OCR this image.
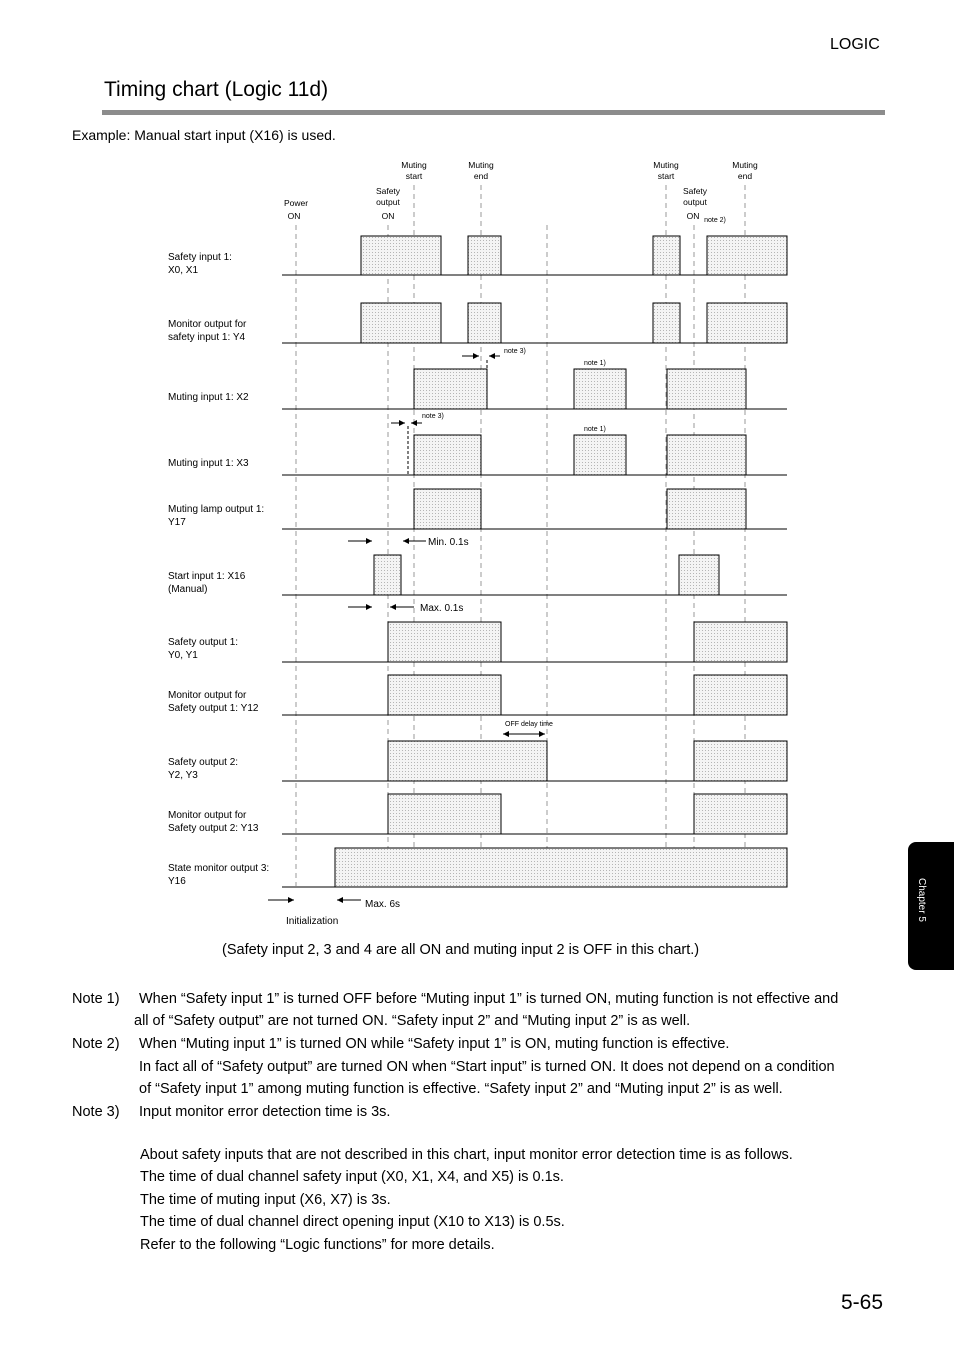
LOGIC
Timing chart (Logic 11d)
Example: Manual start input (X16) is used.
Power
ON
Safety
output
ON
Muting
start
Muting
end
Muting
start
Safety
output
ON
Muting
end
note 2)
Safety input 1:
X0, X1
Monitor output for
safety input 1: Y4
Muting input 1: X2
Muting input 1: X3
Muting lamp output 1:
Y17
Start input 1: X16
(Manual)
Safety output 1:
Y0, Y1
Monitor output for
Safety output 1: Y12
Safety output 2:
Y2, Y3
Monitor output for
Safety output 2: Y13
State monitor output 3:
Y16
note 3)
note 1)
note 3)
note 1)
Min. 0.1s
Max. 0.1s
OFF delay time
Max. 6s
Initialization
(Safety input 2, 3 and 4 are all ON and muting input 2 is OFF in this chart.)
Note 1)	When “Safety input 1” is turned OFF before “Muting input 1” is turned ON, muting function is not effective and
all of “Safety output” are not turned ON. “Safety input 2” and “Muting input 2” is as well.
Note 2)	When “Muting input 1” is turned ON while “Safety input 1” is ON, muting function is effective.
In fact all of “Safety output” are turned ON when “Start input” is turned ON. It does not depend on a condition
of “Safety input 1” among muting function is effective. “Safety input 2” and “Muting input 2” is as well.
Note 3)	Input monitor error detection time is 3s.
About safety inputs that are not described in this chart, input monitor error detection time is as follows.
The time of dual channel safety input (X0, X1, X4, and X5) is 0.1s.
The time of muting input (X6, X7) is 3s.
The time of dual channel direct opening input (X10 to X13) is 0.5s.
Refer to the following “Logic functions” for more details.
Chapter 5
5-65
